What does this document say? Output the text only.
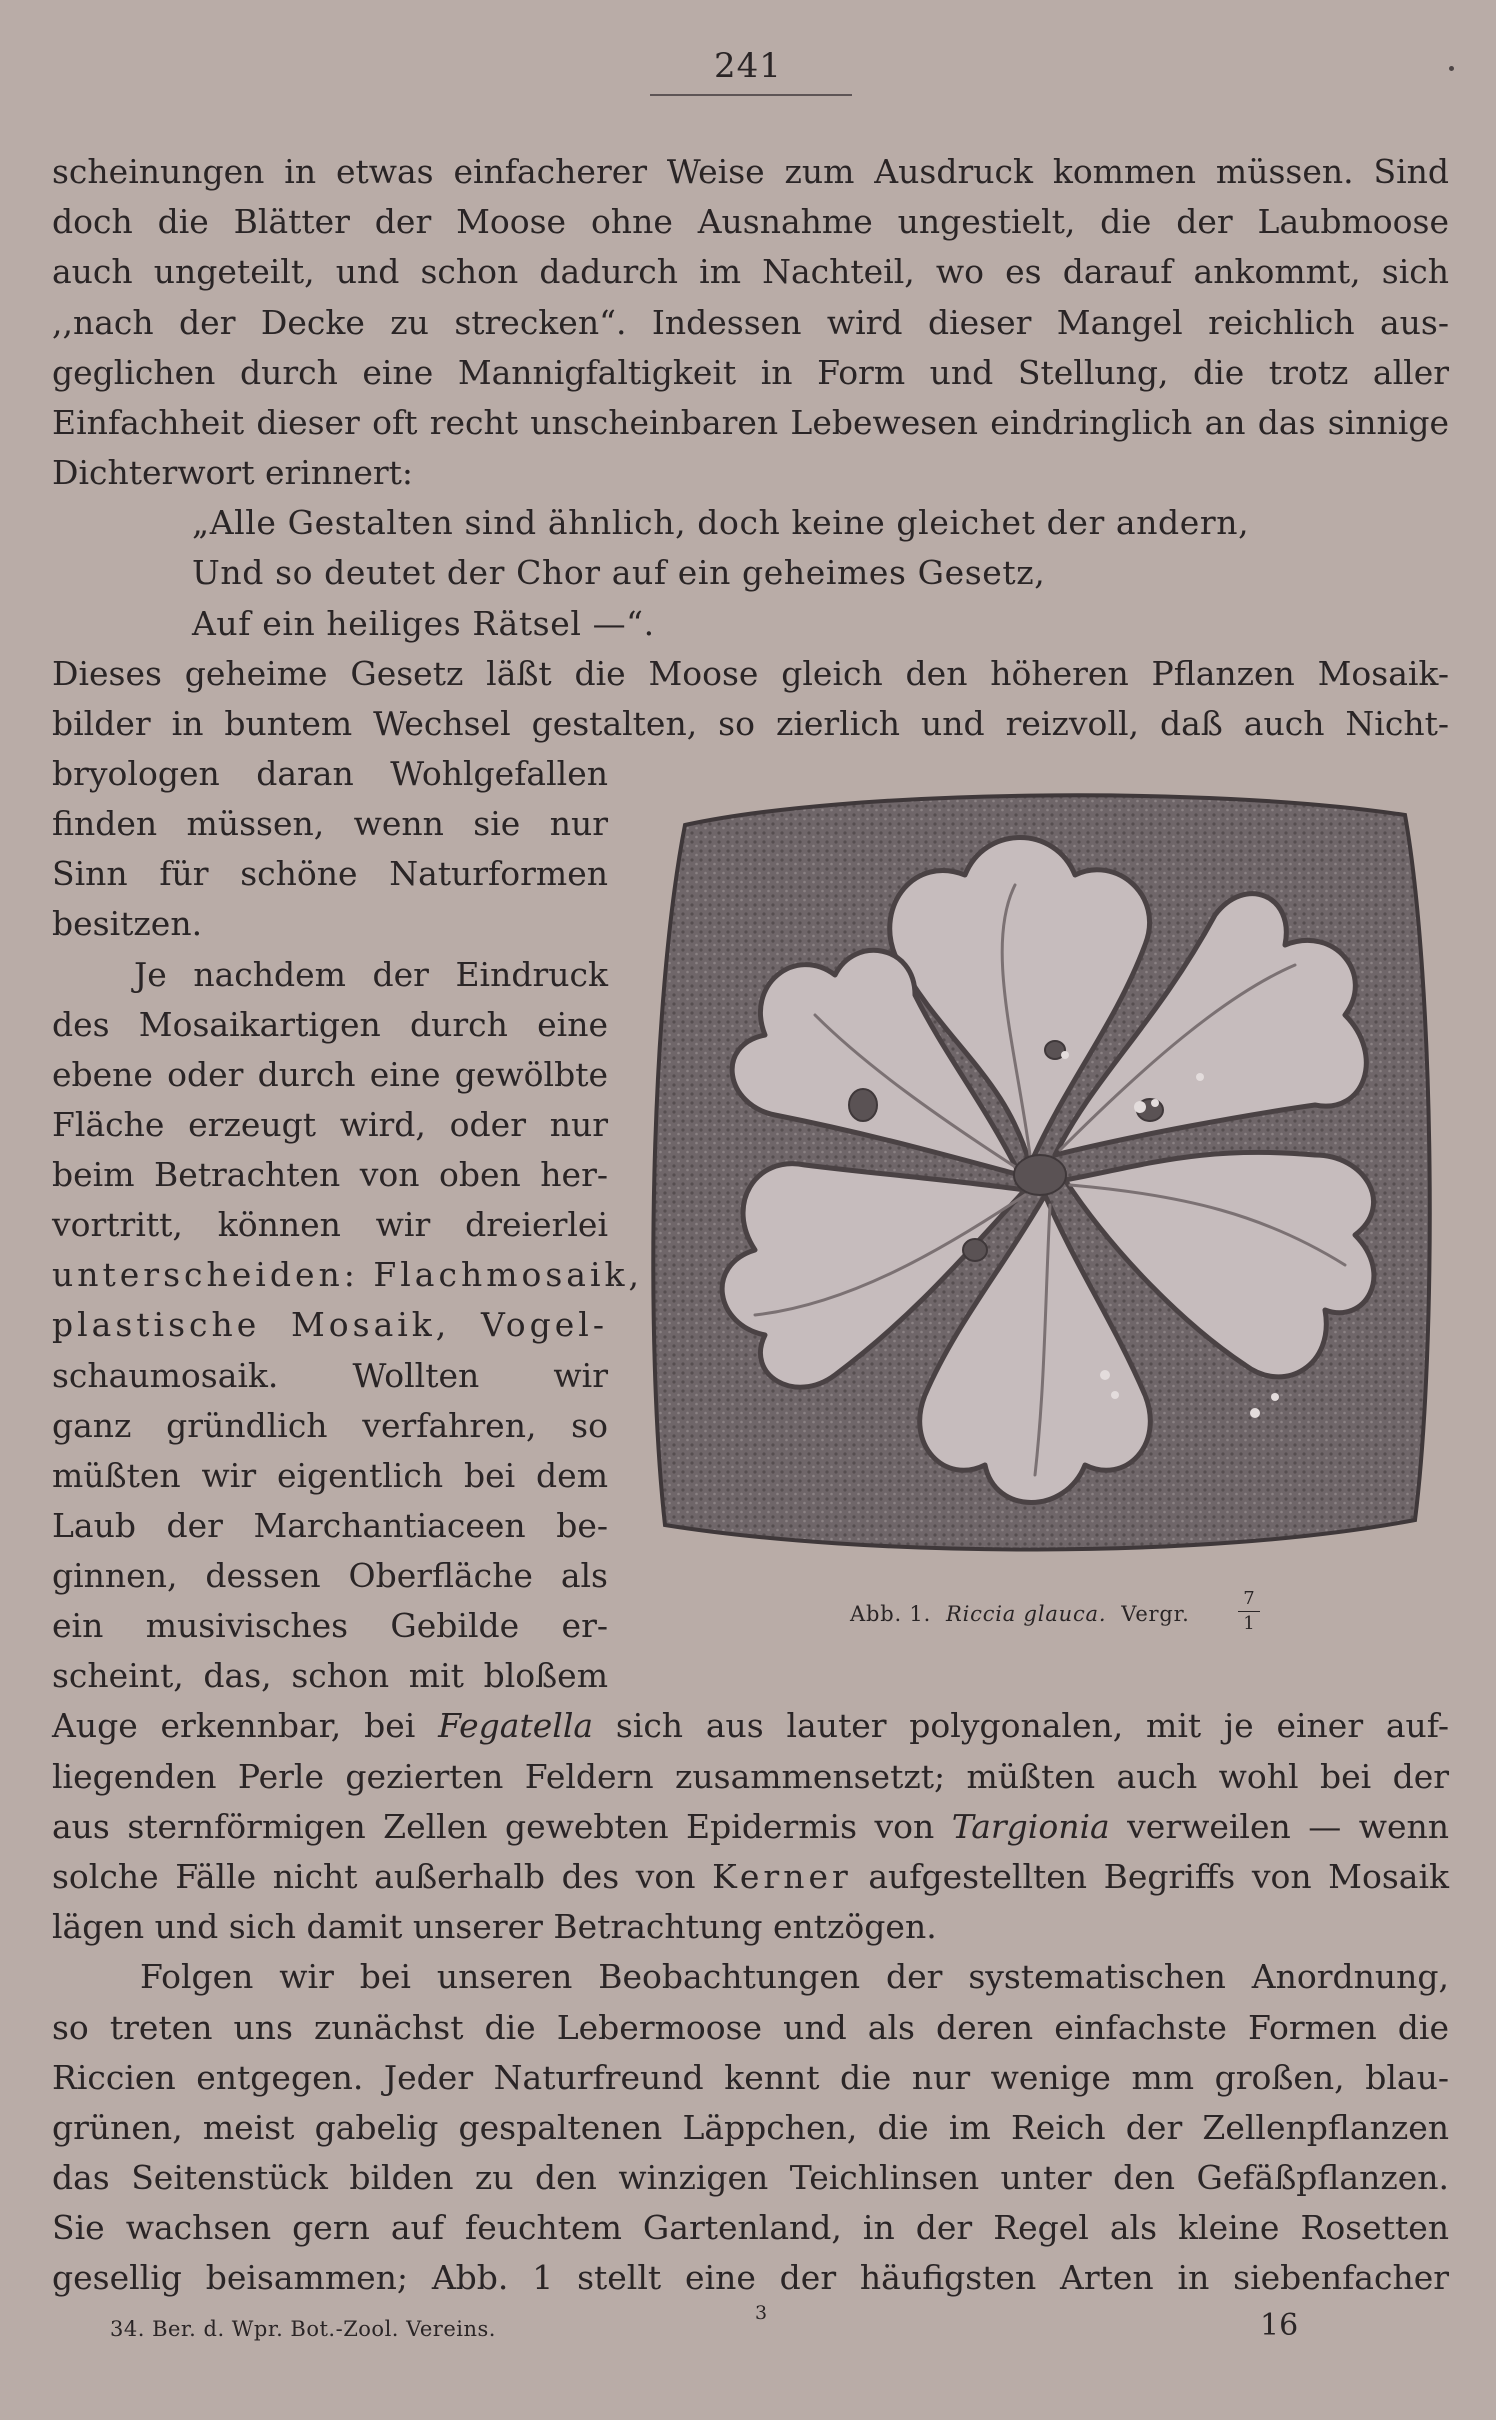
241
scheinungen in etwas einfacherer Weise zum Ausdruck kommen müssen. Sind
doch die Blätter der Moose ohne Ausnahme ungestielt, die der Laubmoose
auch ungeteilt, und schon dadurch im Nachteil, wo es darauf ankommt, sich
,,nach der Decke zu strecken“. Indessen wird dieser Mangel reichlich aus-
geglichen durch eine Mannigfaltigkeit in Form und Stellung, die trotz aller
Einfachheit dieser oft recht unscheinbaren Lebewesen eindringlich an das sinnige
Dichterwort erinnert:
„Alle Gestalten sind ähnlich, doch keine gleichet der andern,
Und so deutet der Chor auf ein geheimes Gesetz,
Auf ein heiliges Rätsel —“.
Dieses geheime Gesetz läßt die Moose gleich den höheren Pflanzen Mosaik-
bilder in buntem Wechsel gestalten, so zierlich und reizvoll, daß auch Nicht-
bryologen daran Wohlgefallen
finden müssen, wenn sie nur
Sinn für schöne Naturformen
besitzen.
Je nachdem der Eindruck
des Mosaikartigen durch eine
ebene oder durch eine gewölbte
Fläche erzeugt wird, oder nur
beim Betrachten von oben her-
vortritt, können wir dreierlei
unterscheiden: Flachmosaik,
plastische Mosaik, Vogel-
schaumosaik. Wollten wir
ganz gründlich verfahren, so
müßten wir eigentlich bei dem
Laub der Marchantiaceen be-
ginnen, dessen Oberfläche als
ein musivisches Gebilde er-
scheint, das, schon mit bloßem
Auge erkennbar, bei Fegatella sich aus lauter polygonalen, mit je einer auf-
liegenden Perle gezierten Feldern zusammensetzt; müßten auch wohl bei der
aus sternförmigen Zellen gewebten Epidermis von Targionia verweilen — wenn
solche Fälle nicht außerhalb des von Kerner aufgestellten Begriffs von Mosaik
lägen und sich damit unserer Betrachtung entzögen.
Folgen wir bei unseren Beobachtungen der systematischen Anordnung,
so treten uns zunächst die Lebermoose und als deren einfachste Formen die
Riccien entgegen. Jeder Naturfreund kennt die nur wenige mm großen, blau-
grünen, meist gabelig gespaltenen Läppchen, die im Reich der Zellenpflanzen
das Seitenstück bilden zu den winzigen Teichlinsen unter den Gefäßpflanzen.
Sie wachsen gern auf feuchtem Gartenland, in der Regel als kleine Rosetten
gesellig beisammen; Abb. 1 stellt eine der häufigsten Arten in siebenfacher
Abb. 1. Riccia glauca. Vergr.
7
1
34. Ber. d. Wpr. Bot.-Zool. Vereins.
3	16
